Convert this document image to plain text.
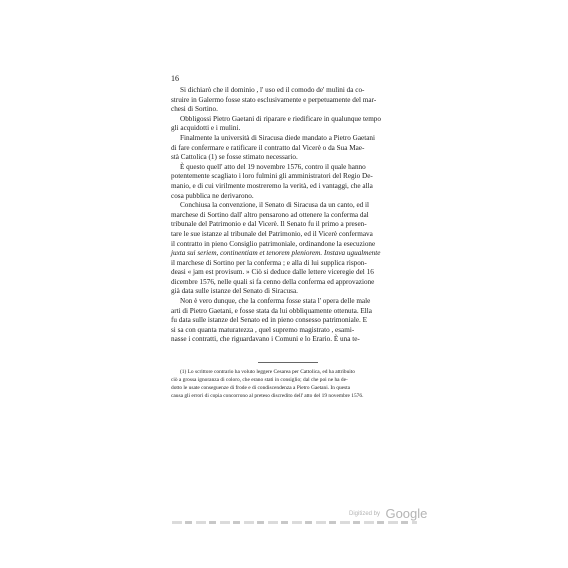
16
Si dichiarò che il dominio , l' uso ed il comodo de' mulini da co-
struire in Galermo fosse stato esclusivamente e perpetuamente del mar-
chesi di Sortino.
Obbligossi Pietro Gaetani di riparare e riedificare in qualunque tempo
gli acquidotti e i mulini.
Finalmente la università di Siracusa diede mandato a Pietro Gaetani
di fare confermare e ratificare il contratto dal Vicerè o da Sua Mae-
stà Cattolica (1) se fosse stimato necessario.
È questo quell' atto del 19 novembre 1576, contro il quale hanno
potentemente scagliato i loro fulmini gli amministratori del Regio De-
manio, e di cui virilmente mostreremo la verità, ed i vantaggi, che alla
cosa pubblica ne derivarono.
Conchiusa la convenzione, il Senato di Siracusa da un canto, ed il
marchese di Sortino dall' altro pensarono ad ottenere la conferma dal
tribunale del Patrimonio e dal Vicerè. Il Senato fu il primo a presen-
tare le sue istanze al tribunale del Patrimonio, ed il Vicerè confermava
il contratto in pieno Consiglio patrimoniale, ordinandone la esecuzione
juxta sui seriem, continentiam et tenorem pleniorem. Instava ugualmente
il marchese di Sortino per la conferma ; e alla di lui supplica rispon-
deasi « jam est provisum. » Ciò si deduce dalle lettere viceregie del 16
dicembre 1576, nelle quali si fa cenno della conferma ed approvazione
già data sulle istanze del Senato di Siracusa.
Non è vero dunque, che la conferma fosse stata l' opera delle male
arti di Pietro Gaetani, e fosse stata da lui obbliquamente ottenuta. Ella
fu data sulle istanze del Senato ed in pieno consesso patrimoniale. E
si sa con quanta maturatezza , quel supremo magistrato , esami-
nasse i contratti, che riguardavano i Comuni e lo Erario. È una te-
(1) Lo scrittore contrario ha voluto leggere Cesarea per Cattolica, ed ha attribuito
ciò a grossa ignoranza di coloro, che erano stati in consiglio; dal che poi ne ha de-
dotto le usate conseguenze di frode e di condiscendenza a Pietro Gaetani. In questa
causa gli errori di copia concorrono al preteso discredito dell' atto del 19 novembre 1576.
Digitized by Google
